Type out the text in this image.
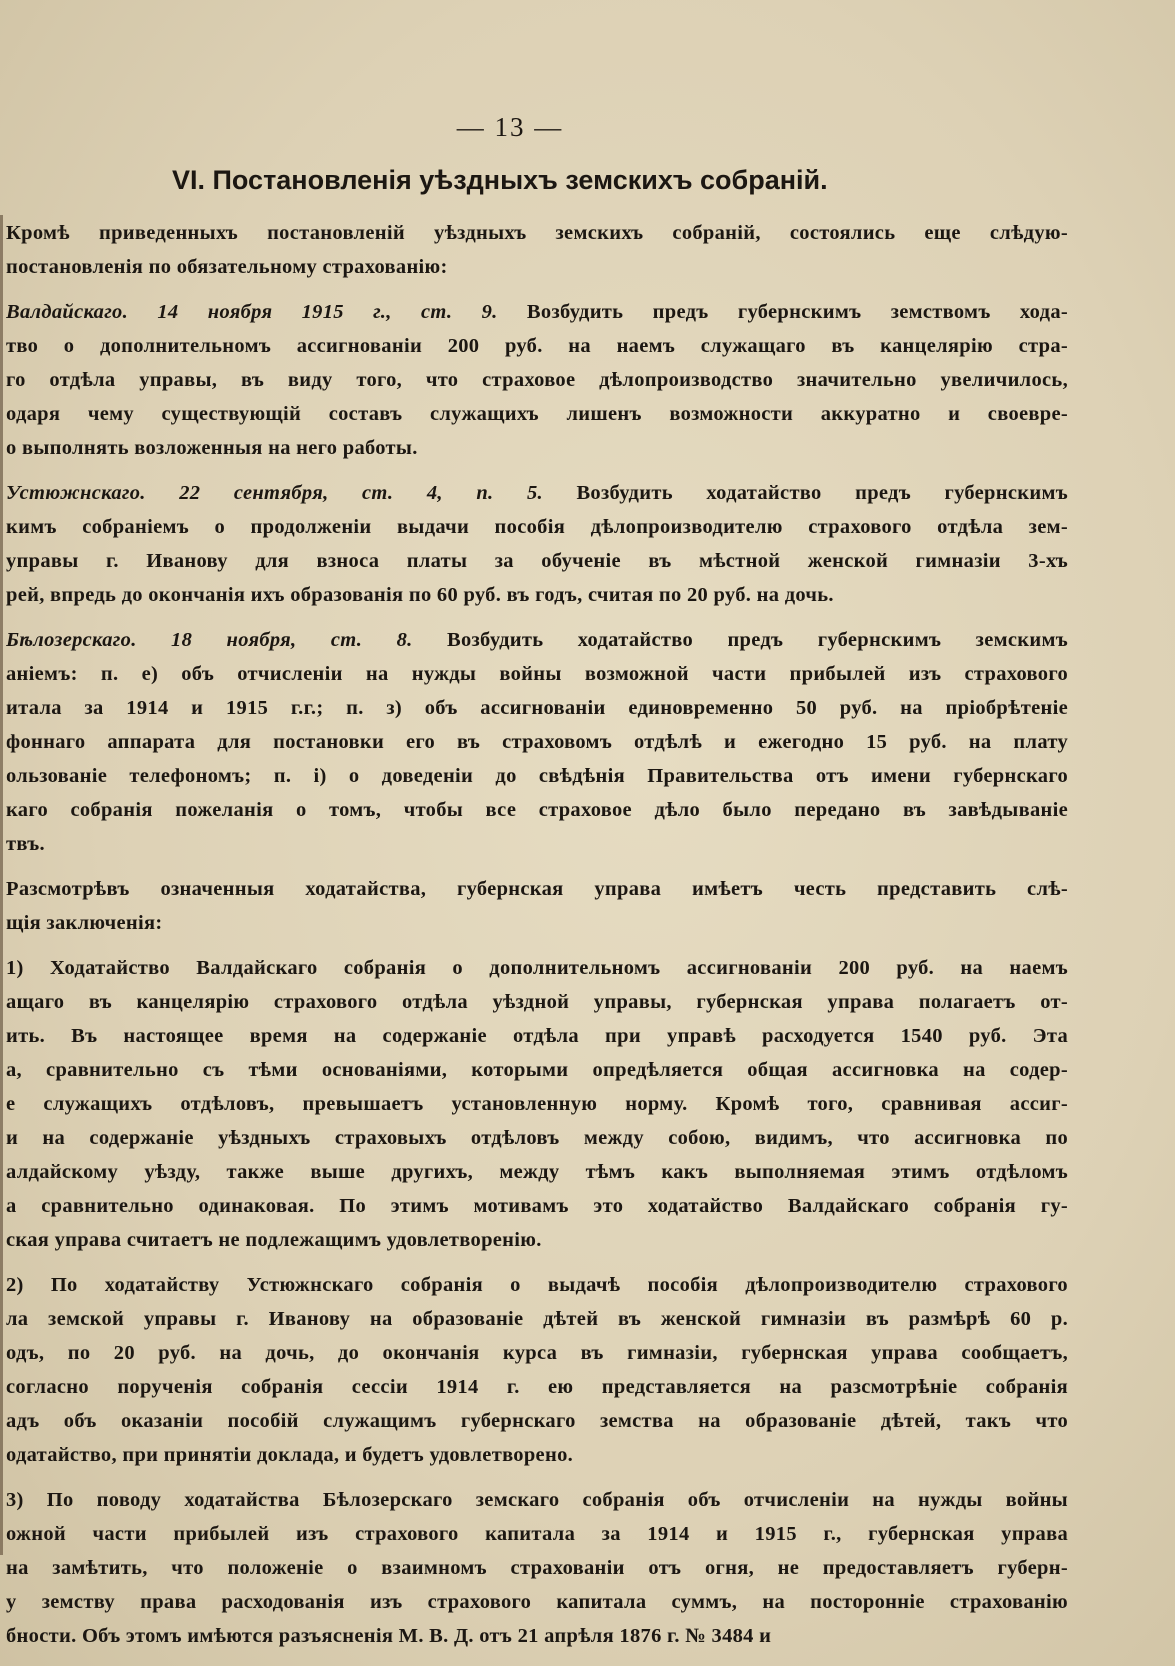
— 13 —
VI. Постановленія уѣздныхъ земскихъ собраній.
Кромѣ приведенныхъ постановленій уѣздныхъ земскихъ собраній, состоялись еще слѣдую-
постановленія по обязательному страхованію:
Валдайскаго. 14 ноября 1915 г., ст. 9. Возбудить предъ губернскимъ земствомъ хода-
тво о дополнительномъ ассигнованіи 200 руб. на наемъ служащаго въ канцелярію стра-
го отдѣла управы, въ виду того, что страховое дѣлопроизводство значительно увеличилось,
одаря чему существующій составъ служащихъ лишенъ возможности аккуратно и своевре-
о выполнять возложенныя на него работы.
Устюжнскаго. 22 сентября, ст. 4, п. 5. Возбудить ходатайство предъ губернскимъ
кимъ собраніемъ о продолженіи выдачи пособія дѣлопроизводителю страхового отдѣла зем-
управы г. Иванову для взноса платы за обученіе въ мѣстной женской гимназіи 3-хъ
рей, впредь до окончанія ихъ образованія по 60 руб. въ годъ, считая по 20 руб. на дочь.
Бѣлозерскаго. 18 ноября, ст. 8. Возбудить ходатайство предъ губернскимъ земскимъ
аніемъ: п. е) объ отчисленіи на нужды войны возможной части прибылей изъ страхового
итала за 1914 и 1915 г.г.; п. з) объ ассигнованіи единовременно 50 руб. на пріобрѣтеніе
фоннаго аппарата для постановки его въ страховомъ отдѣлѣ и ежегодно 15 руб. на плату
ользованіе телефономъ; п. і) о доведеніи до свѣдѣнія Правительства отъ имени губернскаго
каго собранія пожеланія о томъ, чтобы все страховое дѣло было передано въ завѣдываніе
твъ.
Разсмотрѣвъ означенныя ходатайства, губернская управа имѣетъ честь представить слѣ-
щія заключенія:
1) Ходатайство Валдайскаго собранія о дополнительномъ ассигнованіи 200 руб. на наемъ
ащаго въ канцелярію страхового отдѣла уѣздной управы, губернская управа полагаетъ от-
ить. Въ настоящее время на содержаніе отдѣла при управѣ расходуется 1540 руб. Эта
а, сравнительно съ тѣми основаніями, которыми опредѣляется общая ассигновка на содер-
е служащихъ отдѣловъ, превышаетъ установленную норму. Кромѣ того, сравнивая ассиг-
и на содержаніе уѣздныхъ страховыхъ отдѣловъ между собою, видимъ, что ассигновка по
алдайскому уѣзду, также выше другихъ, между тѣмъ какъ выполняемая этимъ отдѣломъ
а сравнительно одинаковая. По этимъ мотивамъ это ходатайство Валдайскаго собранія гу-
ская управа считаетъ не подлежащимъ удовлетворенію.
2) По ходатайству Устюжнскаго собранія о выдачѣ пособія дѣлопроизводителю страхового
ла земской управы г. Иванову на образованіе дѣтей въ женской гимназіи въ размѣрѣ 60 р.
одъ, по 20 руб. на дочь, до окончанія курса въ гимназіи, губернская управа сообщаетъ,
согласно порученія собранія сессіи 1914 г. ею представляется на разсмотрѣніе собранія
адъ объ оказаніи пособій служащимъ губернскаго земства на образованіе дѣтей, такъ что
одатайство, при принятіи доклада, и будетъ удовлетворено.
3) По поводу ходатайства Бѣлозерскаго земскаго собранія объ отчисленіи на нужды войны
ожной части прибылей изъ страхового капитала за 1914 и 1915 г., губернская управа
на замѣтить, что положеніе о взаимномъ страхованіи отъ огня, не предоставляетъ губерн-
у земству права расходованія изъ страхового капитала суммъ, на посторонніе страхованію
бности. Объ этомъ имѣются разъясненія М. В. Д. отъ 21 апрѣля 1876 г. № 3484 и
